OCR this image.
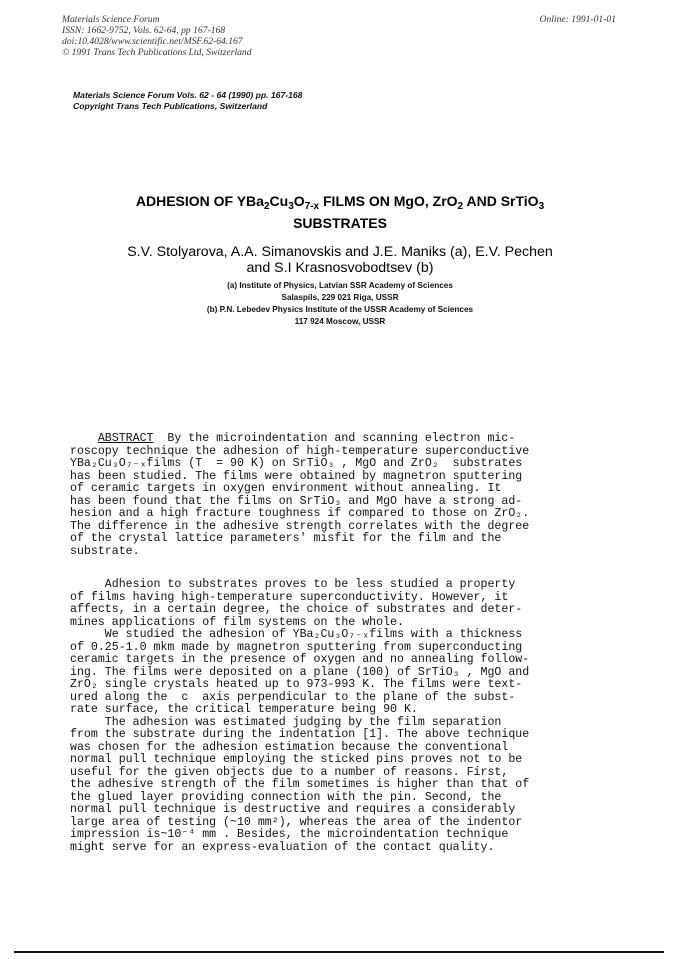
Materials Science Forum
ISSN: 1662-9752, Vols. 62-64, pp 167-168
doi:10.4028/www.scientific.net/MSF.62-64.167
© 1991 Trans Tech Publications Ltd, Switzerland
Online: 1991-01-01
Materials Science Forum Vols. 62 - 64 (1990) pp. 167-168
Copyright Trans Tech Publications, Switzerland
ADHESION OF $YBa_2Cu_3O_{7-x}$ FILMS ON MgO, ZrO$_2$ AND SrTiO$_3$
SUBSTRATES
S.V. Stolyarova, A.A. Simanovskis and J.E. Maniks (a), E.V. Pechen
and S.I Krasnosvobodtsev (b)
(a) Institute of Physics, Latvian SSR Academy of Sciences
Salaspils, 229 021 Riga, USSR
(b) P.N. Lebedev Physics Institute of the USSR Academy of Sciences
117 924 Moscow, USSR
ABSTRACT  By the microindentation and scanning electron mic-
roscopy technique the adhesion of high-temperature superconductive
YBa₂Cu₃O₇₋ₓfilms (T  = 90 K) on SrTiO₃ , MgO and ZrO₂  substrates
has been studied. The films were obtained by magnetron sputtering
of ceramic targets in oxygen environment without annealing. It
has been found that the films on SrTiO₃ and MgO have a strong ad-
hesion and a high fracture toughness if compared to those on ZrO₂.
The difference in the adhesive strength correlates with the degree
of the crystal lattice parameters' misfit for the film and the
substrate.
Adhesion to substrates proves to be less studied a property
of films having high-temperature superconductivity. However, it
affects, in a certain degree, the choice of substrates and deter-
mines applications of film systems on the whole.
We studied the adhesion of YBa₂Cu₃O₇₋ₓfilms with a thickness
of 0.25-1.0 mkm made by magnetron sputtering from superconducting
ceramic targets in the presence of oxygen and no annealing follow-
ing. The films were deposited on a plane (100) of SrTiO₃ , MgO and
ZrO₂ single crystals heated up to 973-993 K. The films were text-
ured along the  c  axis perpendicular to the plane of the subst-
rate surface, the critical temperature being 90 K.
The adhesion was estimated judging by the film separation
from the substrate during the indentation [1]. The above technique
was chosen for the adhesion estimation because the conventional
normal pull technique employing the sticked pins proves not to be
useful for the given objects due to a number of reasons. First,
the adhesive strength of the film sometimes is higher than that of
the glued layer providing connection with the pin. Second, the
normal pull technique is destructive and requires a considerably
large area of testing (~10 mm²), whereas the area of the indentor
impression is~10⁻⁴ mm . Besides, the microindentation technique
might serve for an express-evaluation of the contact quality.
